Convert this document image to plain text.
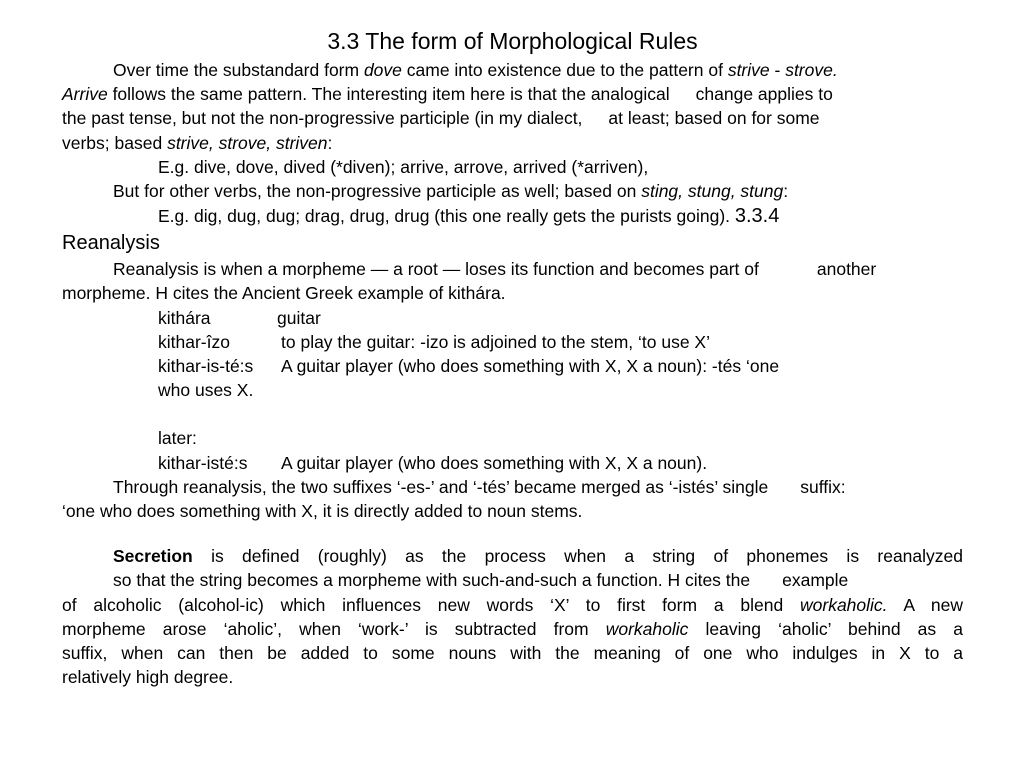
3.3 The form of Morphological Rules
Over time the substandard form dove came into existence due to the pattern of strive - strove.
Arrive follows the same pattern. The interesting item here is that the analogical change applies to
the past tense, but not the non-progressive participle (in my dialect, at least; based on for some
verbs; based strive, strove, striven:
E.g. dive, dove, dived (*diven); arrive, arrove, arrived (*arriven),
But for other verbs, the non-progressive participle as well; based on sting, stung, stung:
E.g. dig, dug, dug; drag, drug, drug (this one really gets the purists going). 3.3.4
Reanalysis
Reanalysis is when a morpheme — a root — loses its function and becomes part of	another
morpheme. H cites the Ancient Greek example of kithára.
kithára	guitar
kithar-îzo	to play the guitar: -izo is adjoined to the stem, ‘to use X’
kithar-is-té:s A guitar player (who does something with X, X a noun): -tés ‘one
who uses X.
later:
kithar-isté:s A guitar player (who does something with X, X a noun).
Through reanalysis, the two suffixes ‘-es-’ and ‘-tés’ became merged as ‘-istés’ single suffix:
‘one who does something with X, it is directly added to noun stems.
Secretion is defined (roughly) as the process when a string of phonemes is reanalyzed
so that the string becomes a morpheme with such-and-such a function. H cites the example
of alcoholic (alcohol-ic) which influences new words ‘X’ to first form a blend workaholic. A new
morpheme arose ‘aholic’, when ‘work-’ is subtracted from workaholic leaving ‘aholic’ behind as a
suffix, when can then be added to some nouns with the meaning of one who indulges in X to a
relatively high degree.
